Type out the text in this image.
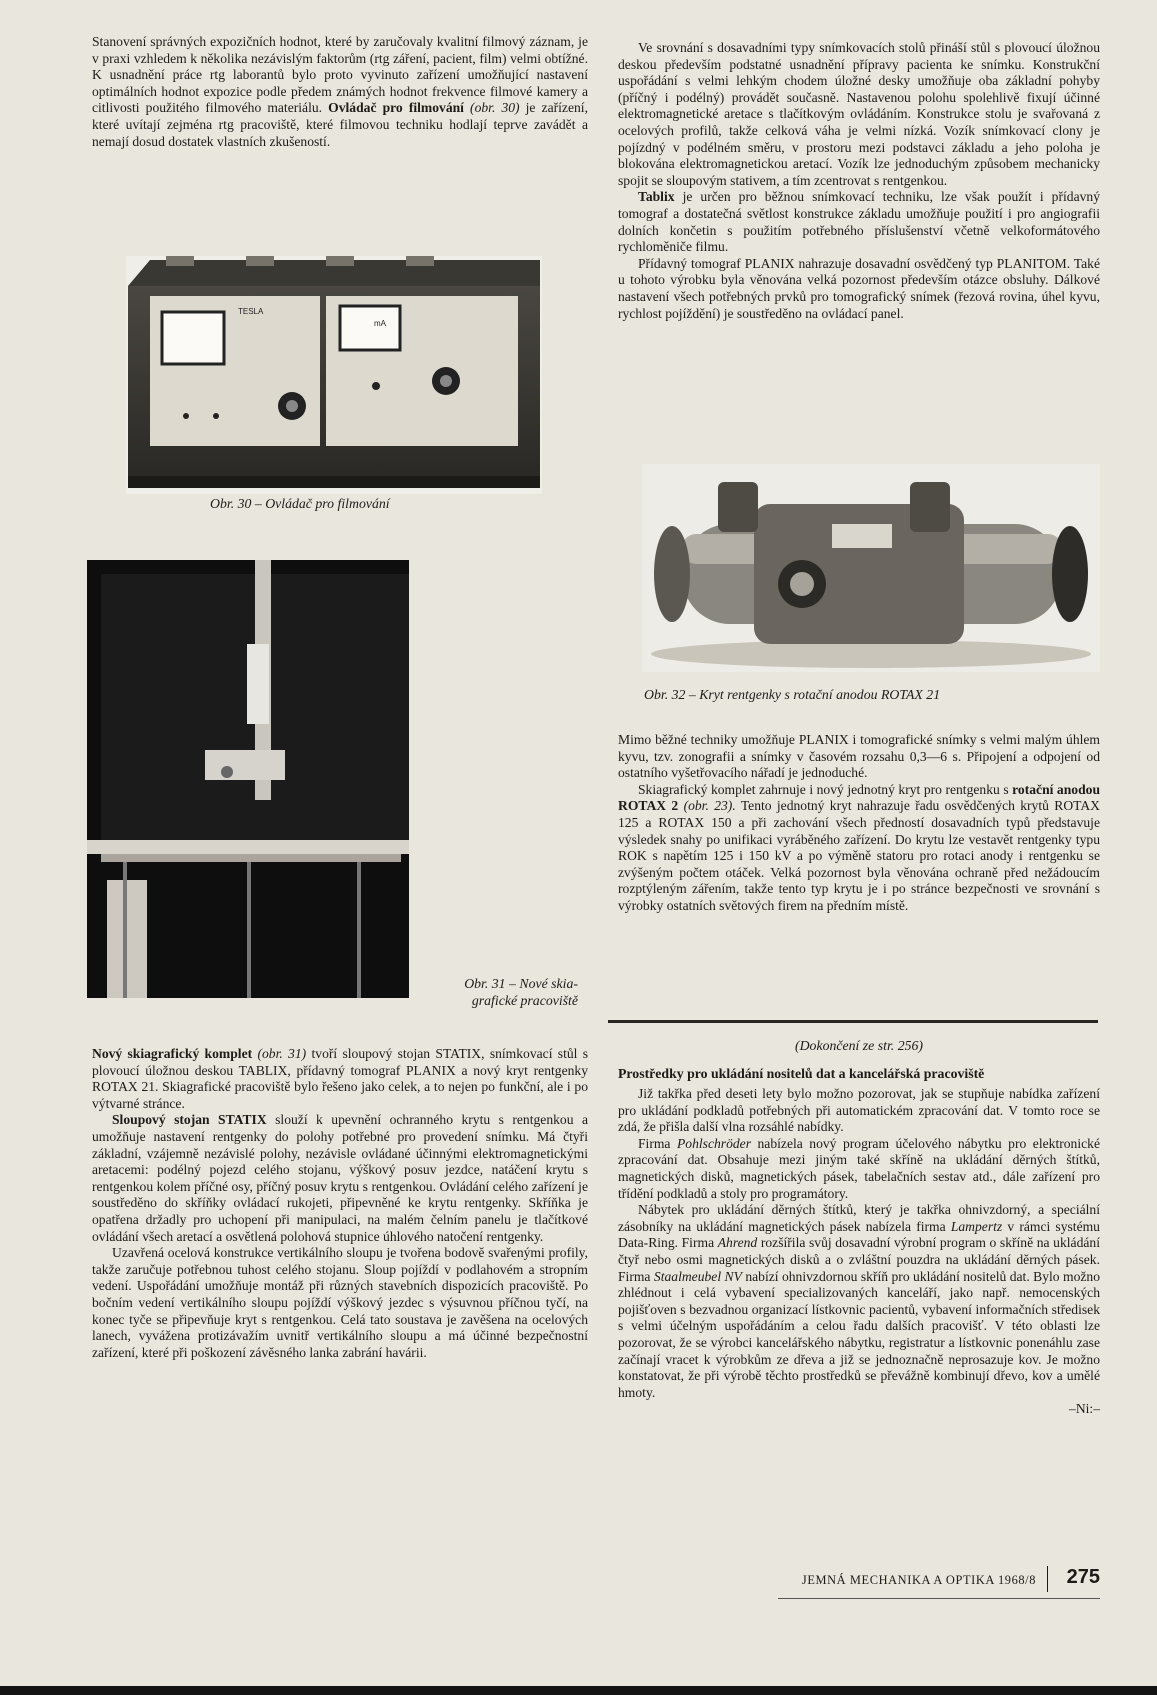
Stanovení správných expozičních hodnot, které by zaručovaly kvalitní filmový záznam, je v praxi vzhledem k několika nezávislým faktorům (rtg záření, pacient, film) velmi obtížné. K usnadnění práce rtg laborantů bylo proto vyvinuto zařízení umožňující nastavení optimálních hodnot expozice podle předem známých hodnot frekvence filmové kamery a citlivosti použitého filmového materiálu. Ovládač pro filmování (obr. 30) je zařízení, které uvítají zejména rtg pracoviště, které filmovou techniku hodlají teprve zavádět a nemají dosud dostatek vlastních zkušeností.

TESLA
mA
Obr. 30 – Ovládač pro filmování
Obr. 31 – Nové skia-
grafické pracoviště

Nový skiagrafický komplet (obr. 31) tvoří sloupový stojan STATIX, snímkovací stůl s plovoucí úložnou deskou TABLIX, přídavný tomograf PLANIX a nový kryt rentgenky ROTAX 21. Skiagrafické pracoviště bylo řešeno jako celek, a to nejen po funkční, ale i po výtvarné stránce.

Sloupový stojan STATIX slouží k upevnění ochranného krytu s rentgenkou a umožňuje nastavení rentgenky do polohy potřebné pro provedení snímku. Má čtyři základní, vzájemně nezávislé polohy, nezávisle ovládané účinnými elektromagnetickými aretacemi: podélný pojezd celého stojanu, výškový posuv jezdce, natáčení krytu s rentgenkou kolem příčné osy, příčný posuv krytu s rentgenkou. Ovládání celého zařízení je soustředěno do skříňky ovládací rukojeti, připevněné ke krytu rentgenky. Skříňka je opatřena držadly pro uchopení při manipulaci, na malém čelním panelu je tlačítkové ovládání všech aretací a osvětlená polohová stupnice úhlového natočení rentgenky.

Uzavřená ocelová konstrukce vertikálního sloupu je tvořena bodově svařenými profily, takže zaručuje potřebnou tuhost celého stojanu. Sloup pojíždí v podlahovém a stropním vedení. Uspořádání umožňuje montáž při různých stavebních dispozicích pracoviště. Po bočním vedení vertikálního sloupu pojíždí výškový jezdec s výsuvnou příčnou tyčí, na konec tyče se připevňuje kryt s rentgenkou. Celá tato soustava je zavěšena na ocelových lanech, vyvážena protizávažím uvnitř vertikálního sloupu a má účinné bezpečnostní zařízení, které při poškození závěsného lanka zabrání havárii.

Ve srovnání s dosavadními typy snímkovacích stolů přináší stůl s plovoucí úložnou deskou především podstatné usnadnění přípravy pacienta ke snímku. Konstrukční uspořádání s velmi lehkým chodem úložné desky umožňuje oba základní pohyby (příčný i podélný) provádět současně. Nastavenou polohu spolehlivě fixují účinné elektromagnetické aretace s tlačítkovým ovládáním. Konstrukce stolu je svařovaná z ocelových profilů, takže celková váha je velmi nízká. Vozík snímkovací clony je pojízdný v podélném směru, v prostoru mezi podstavci základu a jeho poloha je blokována elektromagnetickou aretací. Vozík lze jednoduchým způsobem mechanicky spojit se sloupovým stativem, a tím zcentrovat s rentgenkou.

Tablix je určen pro běžnou snímkovací techniku, lze však použít i přídavný tomograf a dostatečná světlost konstrukce základu umožňuje použití i pro angiografii dolních končetin s použitím potřebného příslušenství včetně velkoformátového rychloměniče filmu.

Přídavný tomograf PLANIX nahrazuje dosavadní osvědčený typ PLANITOM. Také u tohoto výrobku byla věnována velká pozornost především otázce obsluhy. Dálkové nastavení všech potřebných prvků pro tomografický snímek (řezová rovina, úhel kyvu, rychlost pojíždění) je soustředěno na ovládací panel.

Obr. 32 – Kryt rentgenky s rotační anodou ROTAX 21

Mimo běžné techniky umožňuje PLANIX i tomografické snímky s velmi malým úhlem kyvu, tzv. zonografii a snímky v časovém rozsahu 0,3—6 s. Připojení a odpojení od ostatního vyšetřovacího nářadí je jednoduché.

Skiagrafický komplet zahrnuje i nový jednotný kryt pro rentgenku s rotační anodou ROTAX 2 (obr. 23). Tento jednotný kryt nahrazuje řadu osvědčených krytů ROTAX 125 a ROTAX 150 a při zachování všech předností dosavadních typů představuje výsledek snahy po unifikaci vyráběného zařízení. Do krytu lze vestavět rentgenky typu ROK s napětím 125 i 150 kV a po výměně statoru pro rotaci anody i rentgenku se zvýšeným počtem otáček. Velká pozornost byla věnována ochraně před nežádoucím rozptýleným zářením, takže tento typ krytu je i po stránce bezpečnosti ve srovnání s výrobky ostatních světových firem na předním místě.

(Dokončení ze str. 256)
Prostředky pro ukládání nositelů dat a kancelářská pracoviště

Již takřka před deseti lety bylo možno pozorovat, jak se stupňuje nabídka zařízení pro ukládání podkladů potřebných při automatickém zpracování dat. V tomto roce se zdá, že přišla další vlna rozsáhlé nabídky.

Firma Pohlschröder nabízela nový program účelového nábytku pro elektronické zpracování dat. Obsahuje mezi jiným také skříně na ukládání děrných štítků, magnetických disků, magnetických pásek, tabelačních sestav atd., dále zařízení pro třídění podkladů a stoly pro programátory.

Nábytek pro ukládání děrných štítků, který je takřka ohnivzdorný, a speciální zásobníky na ukládání magnetických pásek nabízela firma Lampertz v rámci systému Data-Ring. Firma Ahrend rozšířila svůj dosavadní výrobní program o skříně na ukládání čtyř nebo osmi magnetických disků a o zvláštní pouzdra na ukládání děrných pásek. Firma Staalmeubel NV nabízí ohnivzdornou skříň pro ukládání nositelů dat. Bylo možno zhlédnout i celá vybavení specializovaných kanceláří, jako např. nemocenských pojišťoven s bezvadnou organizací lístkovnic pacientů, vybavení informačních středisek s velmi účelným uspořádáním a celou řadu dalších pracovišť. V této oblasti lze pozorovat, že se výrobci kancelářského nábytku, registratur a lístkovnic ponenáhlu zase začínají vracet k výrobkům ze dřeva a již se jednoznačně neprosazuje kov. Je možno konstatovat, že při výrobě těchto prostředků se převážně kombinují dřevo, kov a umělé hmoty.

–Ni:–

JEMNÁ MECHANIKA A OPTIKA 1968/8 275
